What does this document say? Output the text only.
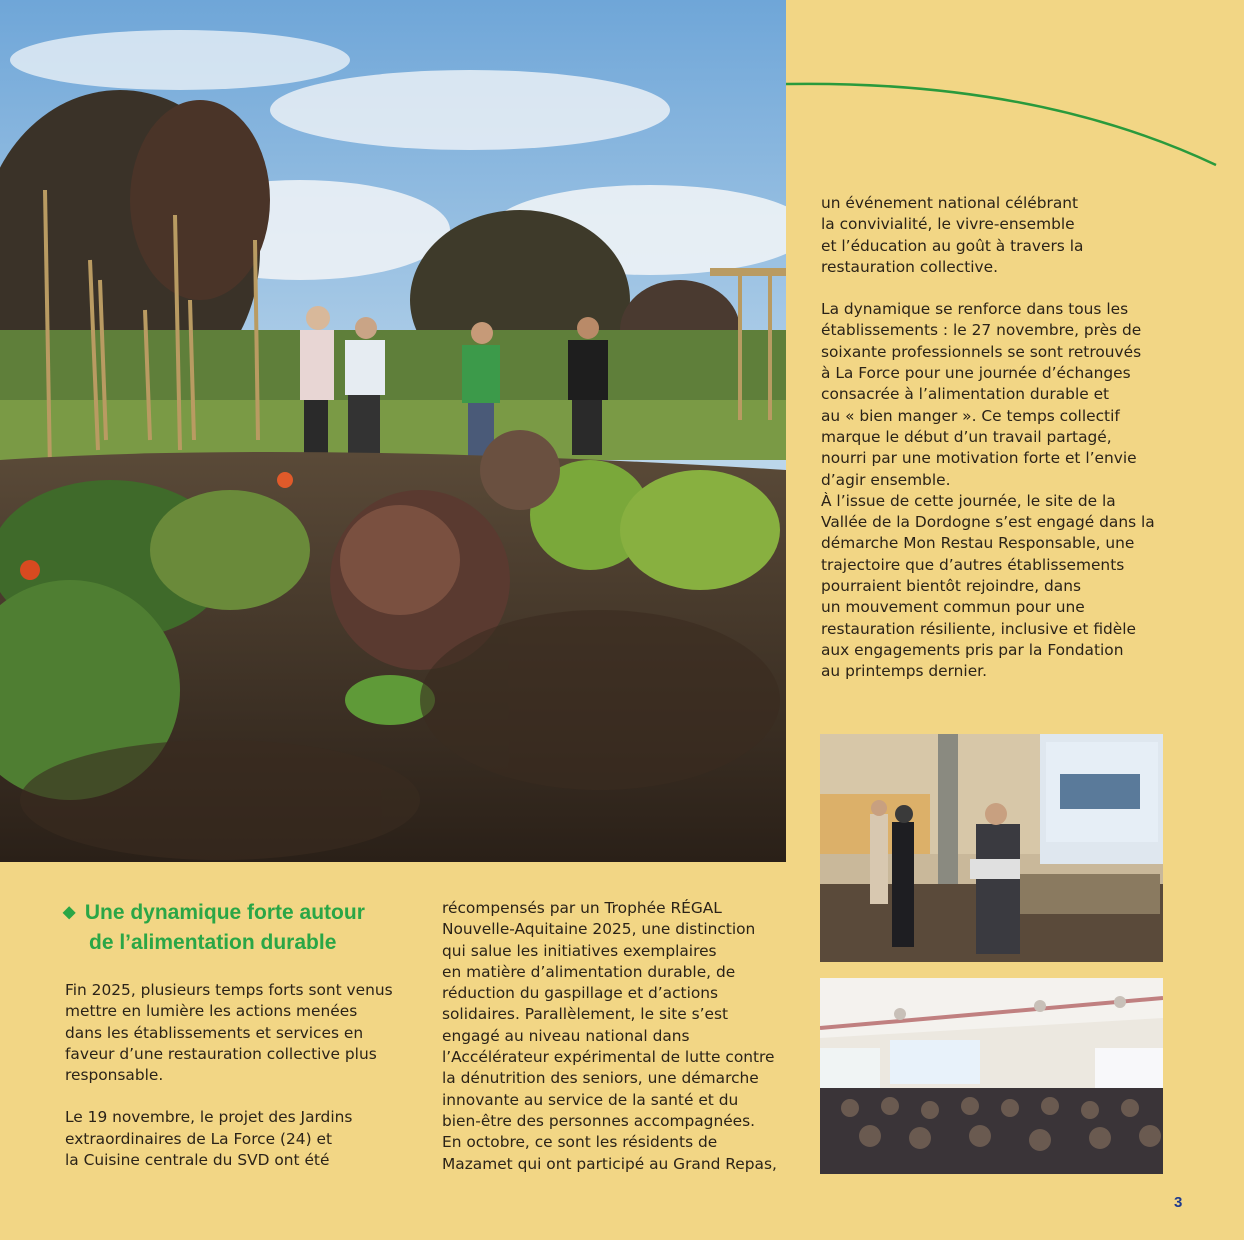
un événement national célébrant
la convivialité, le vivre-ensemble
et l’éducation au goût à travers la
restauration collective.

La dynamique se renforce dans tous les
établissements : le 27 novembre, près de
soixante professionnels se sont retrouvés
à La Force pour une journée d’échanges
consacrée à l’alimentation durable et
au « bien manger ». Ce temps collectif
marque le début d’un travail partagé,
nourri par une motivation forte et l’envie
d’agir ensemble.
À l’issue de cette journée, le site de la
Vallée de la Dordogne s’est engagé dans la
démarche Mon Restau Responsable, une
trajectoire que d’autres établissements
pourraient bientôt rejoindre, dans
un mouvement commun pour une
restauration résiliente, inclusive et fidèle
aux engagements pris par la Fondation
au printemps dernier.

◆ Une dynamique forte autour
de l’alimentation durable

Fin 2025, plusieurs temps forts sont venus
mettre en lumière les actions menées
dans les établissements et services en
faveur d’une restauration collective plus
responsable.

Le 19 novembre, le projet des Jardins
extraordinaires de La Force (24) et
la Cuisine centrale du SVD ont été

récompensés par un Trophée RÉGAL
Nouvelle-Aquitaine 2025, une distinction
qui salue les initiatives exemplaires
en matière d’alimentation durable, de
réduction du gaspillage et d’actions
solidaires. Parallèlement, le site s’est
engagé au niveau national dans
l’Accélérateur expérimental de lutte contre
la dénutrition des seniors, une démarche
innovante au service de la santé et du
bien-être des personnes accompagnées.
En octobre, ce sont les résidents de
Mazamet qui ont participé au Grand Repas,

3
